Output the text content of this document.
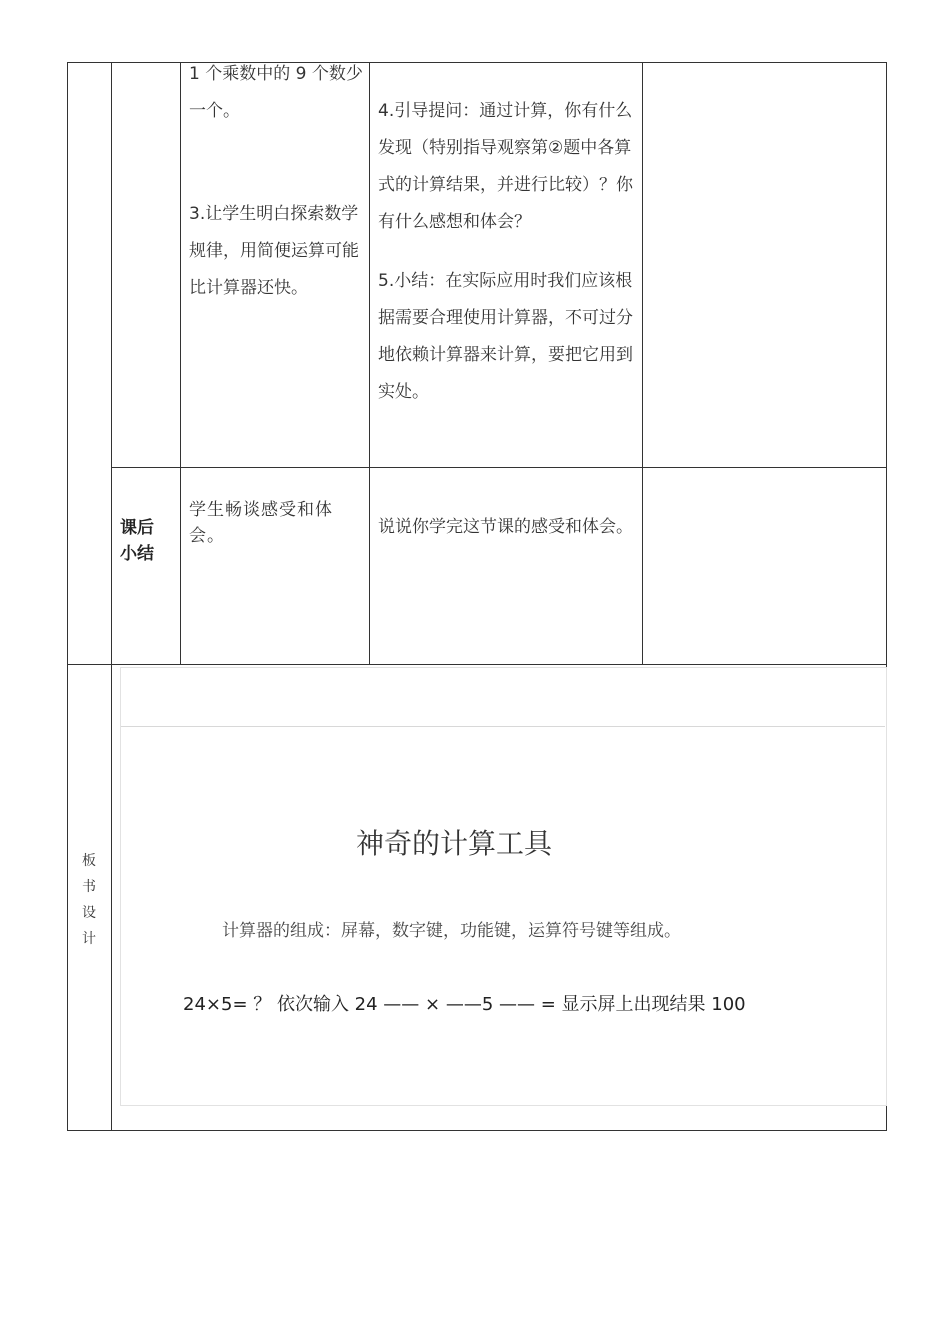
1 个乘数中的 9 个数少一个。

3.让学生明白探索数学规律，用简便运算可能比计算器还快。

4.引导提问：通过计算，你有什么发现（特别指导观察第②题中各算式的计算结果，并进行比较）？你有什么感想和体会？

5.小结：在实际应用时我们应该根据需要合理使用计算器，不可过分地依赖计算器来计算，要把它用到实处。

课后小结
学生畅谈感受和体会。	说说你学完这节课的感受和体会。
板书设计
神奇的计算工具
计算器的组成：屏幕，数字键，功能键，运算符号键等组成。
24×5= ？ 依次输入 24 —— × ——5 —— = 显示屏上出现结果 100
